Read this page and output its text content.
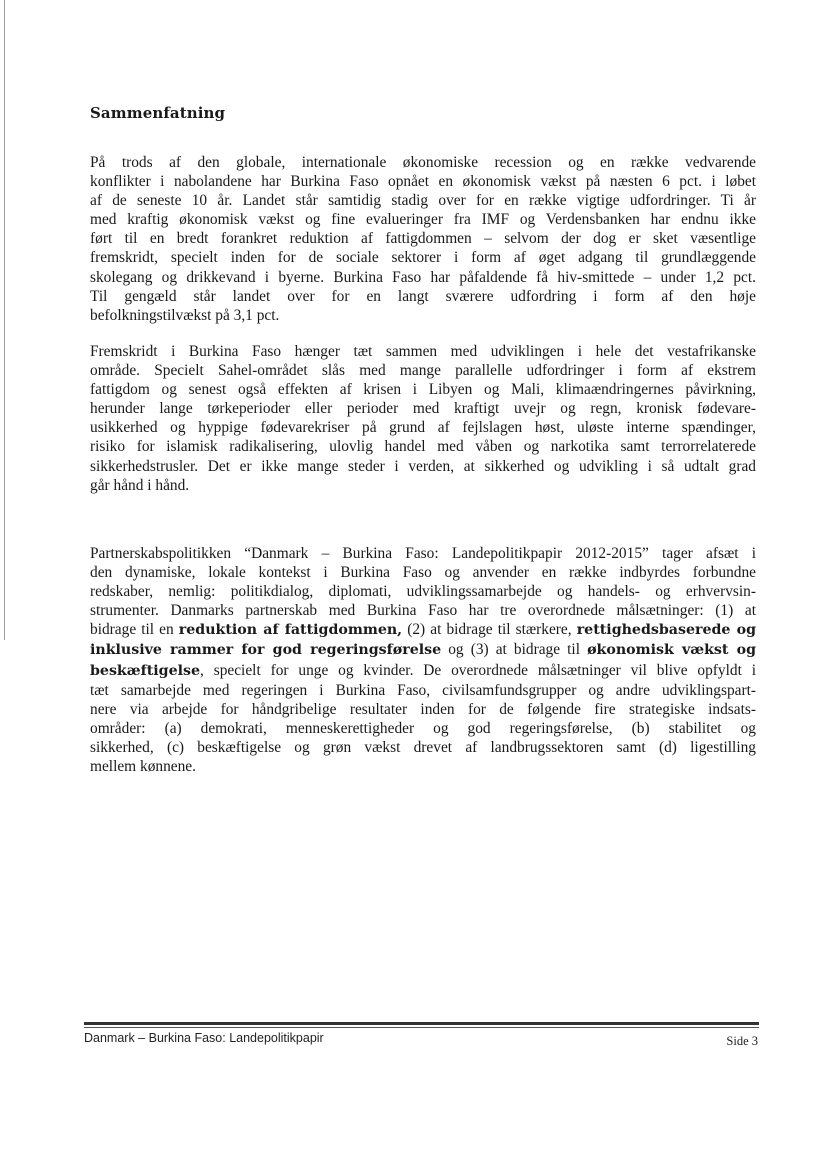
Sammenfatning

På trods af den globale, internationale økonomiske recession og en række vedvarende
konflikter i nabolandene har Burkina Faso opnået en økonomisk vækst på næsten 6 pct. i løbet
af de seneste 10 år. Landet står samtidig stadig over for en række vigtige udfordringer. Ti år
med kraftig økonomisk vækst og fine evalueringer fra IMF og Verdensbanken har endnu ikke
ført til en bredt forankret reduktion af fattigdommen – selvom der dog er sket væsentlige
fremskridt, specielt inden for de sociale sektorer i form af øget adgang til grundlæggende
skolegang og drikkevand i byerne. Burkina Faso har påfaldende få hiv-smittede – under 1,2 pct.
Til gengæld står landet over for en langt sværere udfordring i form af den høje
befolkningstilvækst på 3,1 pct.

Fremskridt i Burkina Faso hænger tæt sammen med udviklingen i hele det vestafrikanske
område. Specielt Sahel-området slås med mange parallelle udfordringer i form af ekstrem
fattigdom og senest også effekten af krisen i Libyen og Mali, klimaændringernes påvirkning,
herunder lange tørkeperioder eller perioder med kraftigt uvejr og regn, kronisk fødevare-
usikkerhed og hyppige fødevarekriser på grund af fejlslagen høst, uløste interne spændinger,
risiko for islamisk radikalisering, ulovlig handel med våben og narkotika samt terrorrelaterede
sikkerhedstrusler. Det er ikke mange steder i verden, at sikkerhed og udvikling i så udtalt grad
går hånd i hånd.

Partnerskabspolitikken “Danmark – Burkina Faso: Landepolitikpapir 2012-2015” tager afsæt i
den dynamiske, lokale kontekst i Burkina Faso og anvender en række indbyrdes forbundne
redskaber, nemlig: politikdialog, diplomati, udviklingssamarbejde og handels- og erhvervsin-
strumenter. Danmarks partnerskab med Burkina Faso har tre overordnede målsætninger: (1) at
bidrage til en reduktion af fattigdommen, (2) at bidrage til stærkere, rettighedsbaserede og
inklusive rammer for god regeringsførelse og (3) at bidrage til økonomisk vækst og
beskæftigelse, specielt for unge og kvinder. De overordnede målsætninger vil blive opfyldt i
tæt samarbejde med regeringen i Burkina Faso, civilsamfundsgrupper og andre udviklingspart-
nere via arbejde for håndgribelige resultater inden for de følgende fire strategiske indsats-
områder: (a) demokrati, menneskerettigheder og god regeringsførelse, (b) stabilitet og
sikkerhed, (c) beskæftigelse og grøn vækst drevet af landbrugssektoren samt (d) ligestilling
mellem kønnene.

Danmark – Burkina Faso: Landepolitikpapir	Side 3
